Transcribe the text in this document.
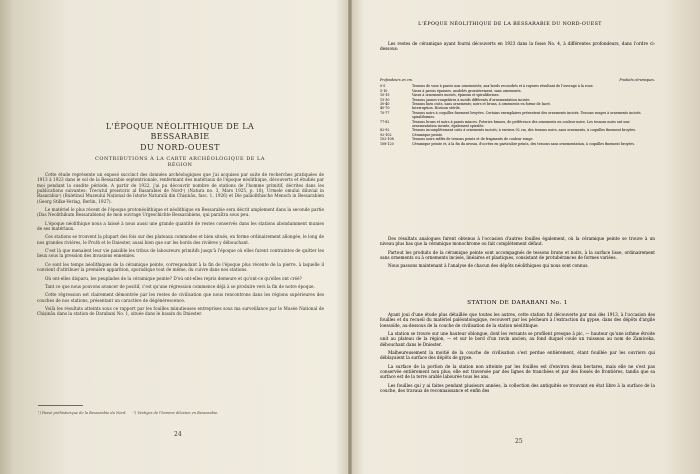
L'ÉPOQUE NÉOLITHIQUE DE LA BESSARABIE
DU NORD-OUEST
CONTRIBUTIONS À LA CARTE ARCHÉOLOGIQUE DE LA RÉGION

Cette étude représente un exposé succinct des données archéologiques que j'ai acquises par suite de recherches pratiquées de 1913 à 1923 dans le sol de la Bessarabie septentrionale, renfermant des matériaux de l'époque néolithique, découverts et étudiés par moi pendant la susdite période. A partir de 1922, j'ai pu découvrir nombre de stations de l'homme primitif, décrites dans les publications suivantes: Trecutul preistoric al Basarabiei de Nord¹) (Natura no. 3, Mars 1925, p. 18), Urmele omului diluvial in Basarabia²) (Buletinul Muzeului Național de Istorie Naturală din Chișinău, fasc. 1, 1926) et Die paläolithische Mensch in Bessarabien (Georg Stilke-Verlag, Berlin, 1927).

Le matériel le plus récent de l'époque protonéolithique et néolithique en Bessarabie sera décrit amplement dans la seconde partie (Das Neolithikum Bessarabiens) de mon ouvrage Urgeschichte Bessarabiens, qui paraîtra sous peu.

L'époque néolithique nous a laissé à nous aussi une grande quantité de restes conservés dans les stations abondamment munies de ses matériaux.

Ces stations se trouvent la plupart des fois sur des plateaux commodes et bien situés, en forme ordinairement allongée, le long de nos grandes rivières, le Pruth et le Dniester, aussi bien que sur les bords des rivières y débouchant.

C'est là que menaient leur vie paisible les tribus de laboureurs primitifs jusqu'à l'époque où elles furent contraintes de quitter les lieux sous la pression des invasions ennemies.

Ce sont les temps néolithiques de la céramique peinte, correspondant à la fin de l'époque plus récente de la pierre, à laquelle il convient d'attribuer la première apparition, sporadique tout de même, du cuivre dans nos stations.

Où ont-elles disparu, les peuplades de la céramique peinte? D'où ont-elles repris demeure et qu'ont-ce qu'elles ont créé?

Tant ce que nous pouvons avancer de positif, c'est qu'une régression commence déjà à se produire vers la fin de notre époque.

Cette régression est clairement démontrée par les restes de civilisation que nous rencontrons dans les régions supérieures des couches de nos stations, présentant un caractère de dégénérescence.

Voilà les résultats atteints sous ce rapport par les fouilles minutieuses entreprises sous ma surveillance par le Musée National de Chișinău dans la station de Darabani No. 1, située dans le bassin du Dniester.

¹) Passé préhistorique de la Bessarabie du Nord. ²) Vestiges de l'homme diluvien en Bessarabie.
24
L'ÉPOQUE NÉOLITHIQUE DE LA BESSARABIE DU NORD-OUEST

Les restes de céramique ayant fourni découverts en 1923 dans la fosse No. 4, à différentes profondeurs, dans l'ordre ci-dessous:

Profondeurs en cm.	Produits céramiques.
0-5	Tessons de vase à parois non ornementés; aux bords recourbés et à rayures résultant de l'ouvrage à la roue.
5-10	Vases à parois épaisses, modelés grossièrement, sans ornements.
10-15	Vases à ornements incisés, épineux et spiraliformes.
15-30	Tessons jaunes-rougeâtres à motifs différents d'ornementation incisée.
30-40	Tessons bien cuits, sans ornements; noirs et bruns, à ornements en forme de lacet.
40-70	Interruption. Horizon stérile.
70-77	Tessons noirs à coquilles finement broyées. Certains exemplaires présentent des ornements incisés. Tessons rouges à ornements incisés spiraliformes.
77-82	Tessons bruns et noirs à parois minces. Poteries brunes, de préférence des ornements en couleur noire. Les tessons noirs ont une ornementation incisée, également spiralée.
82-92	Tessons incomplètement cuits à ornements incisés; à environ 92 cm, des tessons noirs, sans ornements, à coquilles finement broyées.
92-102	Céramique peinte.
102-108	Tessons noirs mêlés de tessons peints et de fragments de couleur rouge.
108-120	Céramique peinte et, à la fin du niveau, d'ocrées en particulier peints, des tessons sans ornementation, à coquilles finement broyées.

Des résultats analogues furent obtenus à l'occasion d'autres fouilles également, où la céramique peinte se trouve à un niveau plus bas que la céramique monochrome ou fait complètement défaut.

Partout les produits de la céramique peinte sont accompagnés de tessons bruns et noirs, à la surface lisse, ordinairement sans ornements ou à ornements incisés, linéaires et plastiques, consistant de protubérances de formes variées.

Nous passons maintenant à l'analyse de chacun des dépôts néolithiques qui nous sont connus.

STATION DE DARABANI No. 1

Ayant joui d'une étude plus détaillée que toutes les autres, cette station fut découverte par moi dès 1913, à l'occasion des fouilles et du recueil du matériel paléontologique, recouvert par les pêcheurs à l'extraction du gypse, dans des dépôts d'argile loessoïde, au-dessous de la couche de civilisation de la station néolithique.

La station se trouve sur une hauteur oblongue, dont les versants se profilent presque à pic, — hauteur qu'une isthme étroite unit au plateau de la région, — et sur le bord d'un ravin ancien, au fond duquel coule un ruisseau au nom de Zamiceka, débouchant dans le Dniester.

Malheureusement la moitié de la couche de civilisation s'est perdue entièrement, étant fouillée par les ouvriers qui déblayaient la surface des dépôts de gypse.

La surface de la portion de la station non atteinte par les fouilles est d'environ deux hectares, mais elle ne s'est pas conservée entièrement non plus; elle est traversée par des lignes de tranchées et par des fossés de frontières, tandis que sa surface est de la terre arable labourée tous les ans.

Les fouilles qui y ai faites pendant plusieurs années, la collection des antiquités se trouvant en état libre à la surface de la couche, des travaux de reconnaissance et enfin des

25
